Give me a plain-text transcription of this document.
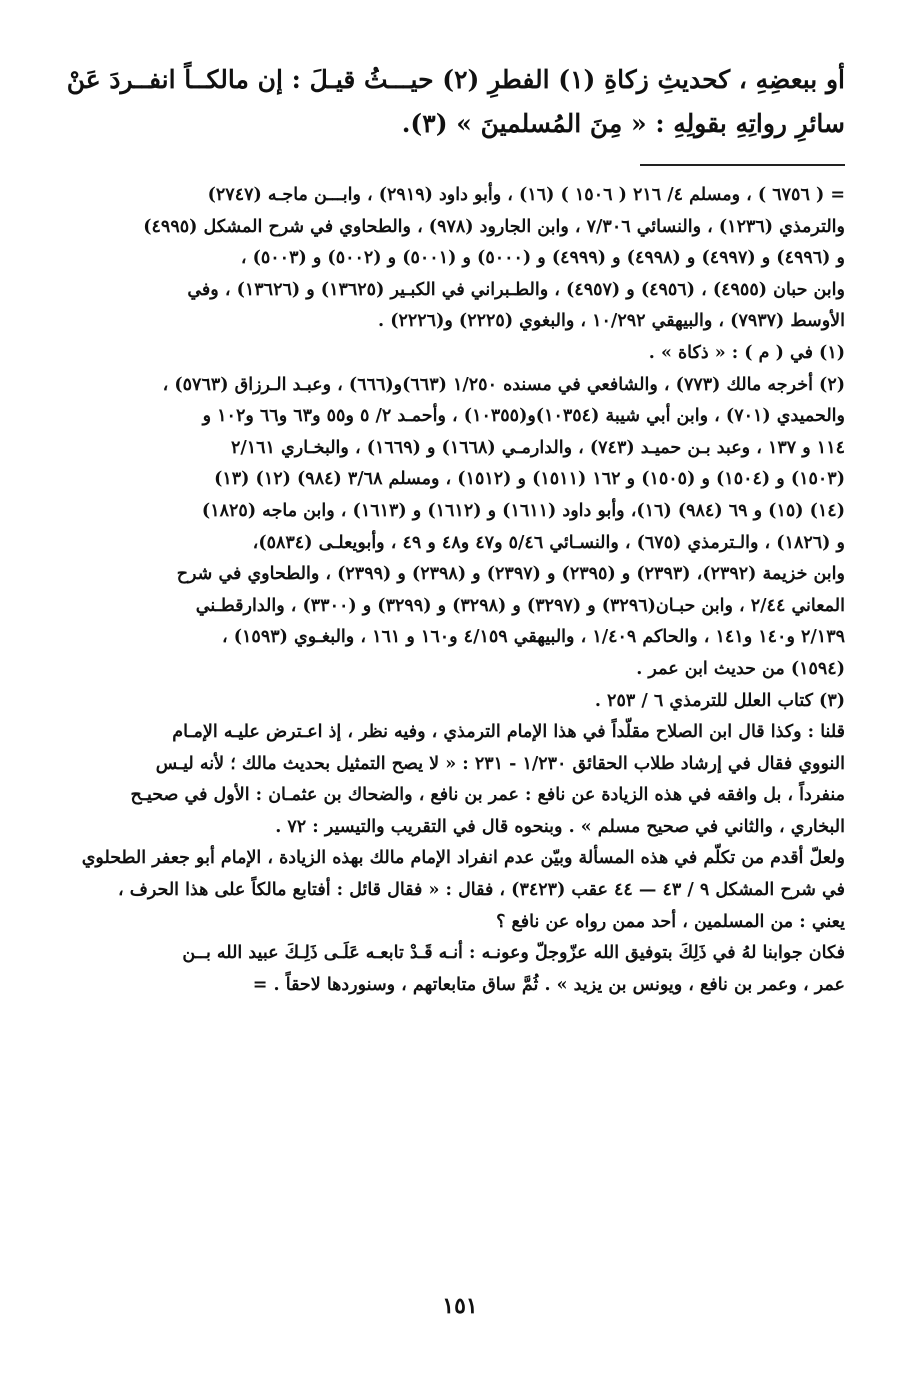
أو ببعضِهِ ، كحديثِ زكاةِ (١) الفطرِ (٢) حيـــثُ قيـلَ : إن مالكــاً انفــردَ عَنْ
سائرِ رواتِهِ بقولِهِ : « مِنَ المُسلمينَ » (٣).
= ( ٦٧٥٦ ) ، ومسلم ٤/ ٢١٦ ( ١٥٠٦ ) (١٦) ، وأبو داود (٢٩١٩) ، وابـــن ماجـه (٢٧٤٧)
والترمذي (١٢٣٦) ، والنسائي ٧/٣٠٦ ، وابن الجارود (٩٧٨) ، والطحاوي في شرح المشكل (٤٩٩٥)
و (٤٩٩٦) و (٤٩٩٧) و (٤٩٩٨) و (٤٩٩٩) و (٥٠٠٠) و (٥٠٠١) و (٥٠٠٢) و (٥٠٠٣) ،
وابن حبان (٤٩٥٥) ، (٤٩٥٦) و (٤٩٥٧) ، والطـبراني في الكبـير (١٣٦٢٥) و (١٣٦٢٦) ، وفي
الأوسط (٧٩٣٧) ، والبيهقي ١٠/٢٩٢ ، والبغوي (٢٢٢٥) و(٢٢٢٦) .
(١) في ( م ) : « ذكاة » .
(٢) أخرجه مالك (٧٧٣) ، والشافعي في مسنده ١/٢٥٠ (٦٦٣)و(٦٦٦) ، وعبـد الـرزاق (٥٧٦٣) ،
والحميدي (٧٠١) ، وابن أبي شيبة (١٠٣٥٤)و(١٠٣٥٥) ، وأحمـد ٢/ ٥ و٥٥ و٦٣ و٦٦ و١٠٢ و
١١٤ و ١٣٧ ، وعبد بـن حميـد (٧٤٣) ، والدارمـي (١٦٦٨) و (١٦٦٩) ، والبخـاري ٢/١٦١
(١٥٠٣) و (١٥٠٤) و (١٥٠٥) و ١٦٢ (١٥١١) و (١٥١٢) ، ومسلم ٣/٦٨ (٩٨٤) (١٢) (١٣)
(١٤) (١٥) و ٦٩ (٩٨٤) (١٦)، وأبو داود (١٦١١) و (١٦١٢) و (١٦١٣) ، وابن ماجه (١٨٢٥)
و (١٨٢٦) ، والـترمذي (٦٧٥) ، والنسـائي ٥/٤٦ و٤٧ و٤٨ و ٤٩ ، وأبويعلـى (٥٨٣٤)،
وابن خزيمة (٢٣٩٢)، (٢٣٩٣) و (٢٣٩٥) و (٢٣٩٧) و (٢٣٩٨) و (٢٣٩٩) ، والطحاوي في شرح
المعاني ٢/٤٤ ، وابن حبـان(٣٢٩٦) و (٣٢٩٧) و (٣٢٩٨) و (٣٢٩٩) و (٣٣٠٠) ، والدارقطـني
٢/١٣٩ و١٤٠ و١٤١ ، والحاكم ١/٤٠٩ ، والبيهقي ٤/١٥٩ و١٦٠ و ١٦١ ، والبغـوي (١٥٩٣) ،
(١٥٩٤) من حديث ابن عمر .
(٣) كتاب العلل للترمذي ٦ / ٢٥٣ .
قلنا : وكذا قال ابن الصلاح مقلّداً في هذا الإمام الترمذي ، وفيه نظر ، إذ اعـترض عليـه الإمـام
النووي فقال في إرشاد طلاب الحقائق ١/٢٣٠ - ٢٣١ : « لا يصح التمثيل بحديث مالك ؛ لأنه ليـس
منفرداً ، بل وافقه في هذه الزيادة عن نافع : عمر بن نافع ، والضحاك بن عثمـان : الأول في صحيـح
البخاري ، والثاني في صحيح مسلم » . وبنحوه قال في التقريب والتيسير : ٧٢ .
ولعلّ أقدم من تكلّم في هذه المسألة وبيّن عدم انفراد الإمام مالك بهذه الزيادة ، الإمام أبو جعفر الطحلوي
في شرح المشكل ٩ / ٤٣ — ٤٤ عقب (٣٤٢٣) ، فقال : « فقال قائل : أفتابع مالكاً على هذا الحرف ،
يعني : من المسلمين ، أحد ممن رواه عن نافع ؟
فكان جوابنا لهُ في ذَلِكَ بتوفيق الله عزّوجلّ وعونـه : أنـه قَـدْ تابعـه عَلَـى ذَلِـكَ عبيد الله بــن
عمر ، وعمر بن نافع ، ويونس بن يزيد » . ثُمَّ ساق متابعاتهم ، وسنوردها لاحقاً . =
١٥١
